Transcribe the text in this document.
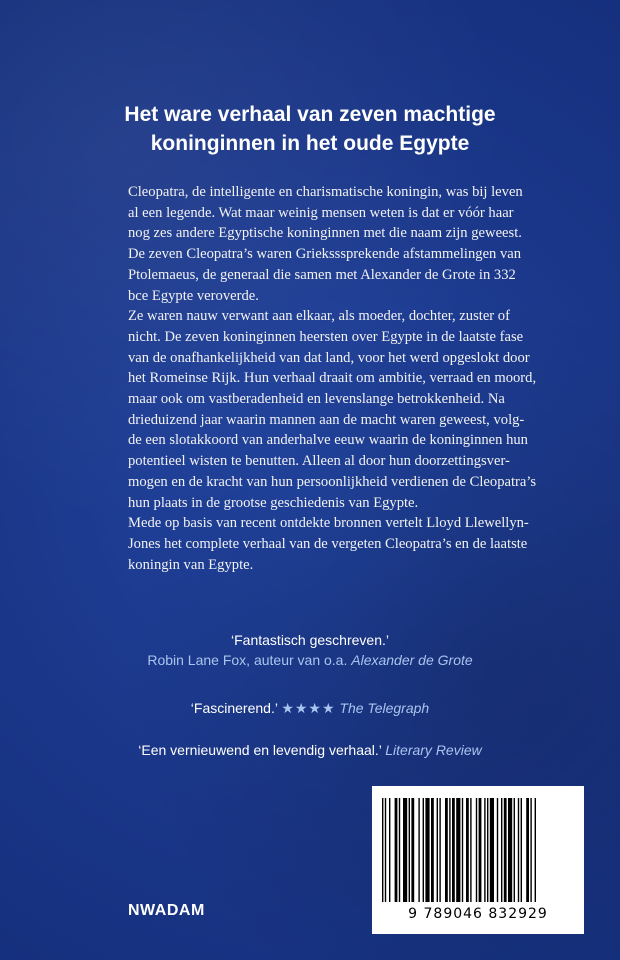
Het ware verhaal van zeven machtige
koninginnen in het oude Egypte
Cleopatra, de intelligente en charismatische koningin, was bij leven
al een legende. Wat maar weinig mensen weten is dat er vóór haar
nog zes andere Egyptische koninginnen met die naam zijn geweest.
De zeven Cleopatra’s waren Grieksssprekende afstammelingen van
Ptolemaeus, de generaal die samen met Alexander de Grote in 332
bce Egypte veroverde.
Ze waren nauw verwant aan elkaar, als moeder, dochter, zuster of
nicht. De zeven koninginnen heersten over Egypte in de laatste fase
van de onafhankelijkheid van dat land, voor het werd opgeslokt door
het Romeinse Rijk. Hun verhaal draait om ambitie, verraad en moord,
maar ook om vastberadenheid en levenslange betrokkenheid. Na
drieduizend jaar waarin mannen aan de macht waren geweest, volg-
de een slotakkoord van anderhalve eeuw waarin de koninginnen hun
potentieel wisten te benutten. Alleen al door hun doorzettingsver-
mogen en de kracht van hun persoonlijkheid verdienen de Cleopatra’s
hun plaats in de grootse geschiedenis van Egypte.
Mede op basis van recent ontdekte bronnen vertelt Lloyd Llewellyn-
Jones het complete verhaal van de vergeten Cleopatra’s en de laatste
koningin van Egypte.
‘Fantastisch geschreven.’
Robin Lane Fox, auteur van o.a. Alexander de Grote
‘Fascinerend.’ ★★★★ The Telegraph
‘Een vernieuwend en levendig verhaal.’ Literary Review
NWADAM	9 789046 832929
